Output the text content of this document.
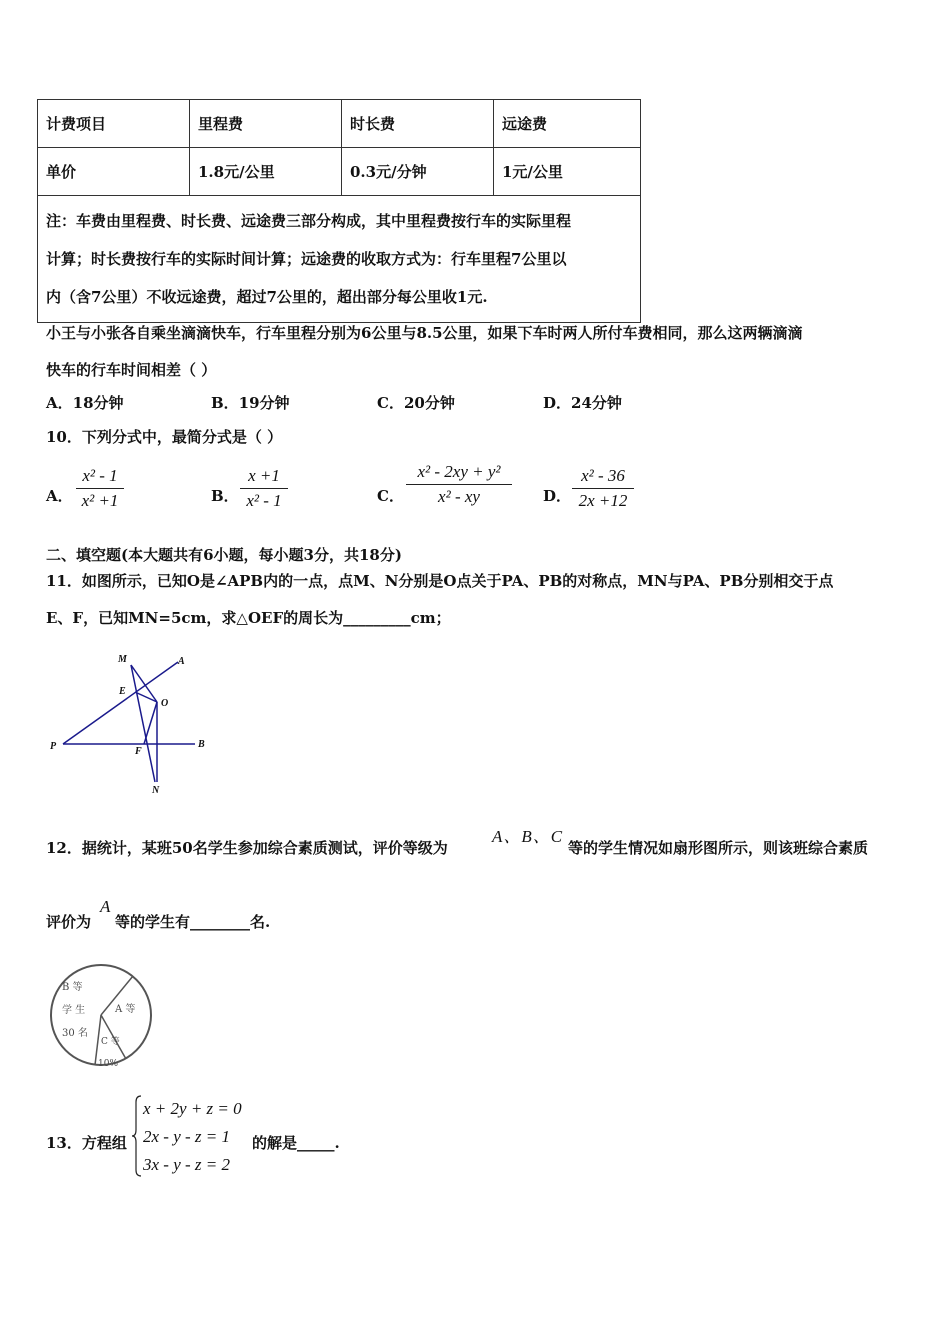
计费项目	里程费	时长费	远途费
单价	1.8元/公里	0.3元/分钟	1元/公里

注：车费由里程费、时长费、远途费三部分构成，其中里程费按行车的实际里程
计算；时长费按行车的实际时间计算；远途费的收取方式为：行车里程7公里以
内（含7公里）不收远途费，超过7公里的，超出部分每公里收1元.			
小王与小张各自乘坐滴滴快车，行车里程分别为6公里与8.5公里，如果下车时两人所付车费相同，那么这两辆滴滴
快车的行车时间相差（ ）
A．18分钟	B．19分钟	C．20分钟	D．24分钟
10．下列分式中，最简分式是（ ）
A．
x² - 1
x² +1	B．
x +1
x² - 1	C．
x² - 2xy + y²
x² - xy	D．
x² - 36
2x +12
二、填空题(本大题共有6小题，每小题3分，共18分)
11．如图所示，已知O是∠APB内的一点，点M、N分别是O点关于PA、PB的对称点，MN与PA、PB分别相交于点
E、F，已知MN=5cm，求△OEF的周长为_________cm；
M	A
E
O
P	F
B
N
12．据统计，某班50名学生参加综合素质测试，评价等级为
A、B、C
等的学生情况如扇形图所示，则该班综合素质
评价为
A
等的学生有________名.
B 等
学 生
30 名
A 等
C 等
10%
13．方程组
x + 2y + z = 0
2x - y - z = 1
3x - y - z = 2
的解是_____.
